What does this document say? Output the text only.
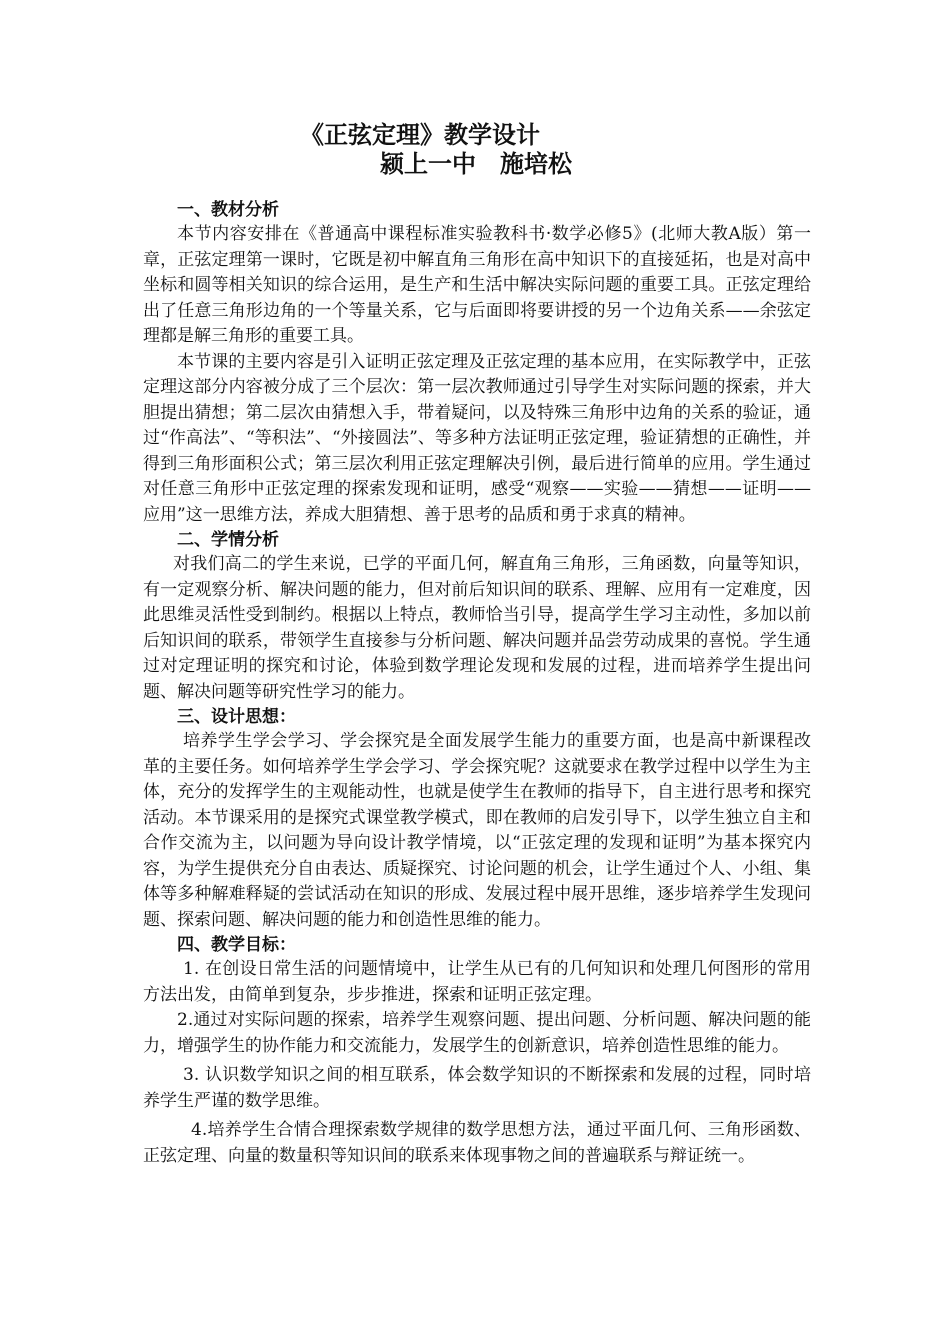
《正弦定理》教学设计
颍上一中　施培松
一、教材分析

本节内容安排在《普通高中课程标准实验教科书·数学必修5》(北师大教A版）第一章，正弦定理第一课时，它既是初中解直角三角形在高中知识下的直接延拓，也是对高中坐标和圆等相关知识的综合运用，是生产和生活中解决实际问题的重要工具。正弦定理给出了任意三角形边角的一个等量关系，它与后面即将要讲授的另一个边角关系——余弦定理都是解三角形的重要工具。

本节课的主要内容是引入证明正弦定理及正弦定理的基本应用，在实际教学中，正弦定理这部分内容被分成了三个层次：第一层次教师通过引导学生对实际问题的探索，并大胆提出猜想；第二层次由猜想入手，带着疑问，以及特殊三角形中边角的关系的验证，通过“作高法”、“等积法”、“外接圆法”、等多种方法证明正弦定理，验证猜想的正确性，并得到三角形面积公式；第三层次利用正弦定理解决引例，最后进行简单的应用。学生通过对任意三角形中正弦定理的探索发现和证明，感受“观察——实验——猜想——证明——应用”这一思维方法，养成大胆猜想、善于思考的品质和勇于求真的精神。

二、学情分析

对我们高二的学生来说，已学的平面几何，解直角三角形，三角函数，向量等知识，有一定观察分析、解决问题的能力，但对前后知识间的联系、理解、应用有一定难度，因此思维灵活性受到制约。根据以上特点，教师恰当引导，提高学生学习主动性，多加以前后知识间的联系，带领学生直接参与分析问题、解决问题并品尝劳动成果的喜悦。学生通过对定理证明的探究和讨论，体验到数学理论发现和发展的过程，进而培养学生提出问题、解决问题等研究性学习的能力。

三、设计思想：

培养学生学会学习、学会探究是全面发展学生能力的重要方面，也是高中新课程改革的主要任务。如何培养学生学会学习、学会探究呢？这就要求在教学过程中以学生为主体，充分的发挥学生的主观能动性，也就是使学生在教师的指导下，自主进行思考和探究活动。本节课采用的是探究式课堂教学模式，即在教师的启发引导下，以学生独立自主和合作交流为主，以问题为导向设计教学情境，以“正弦定理的发现和证明”为基本探究内容，为学生提供充分自由表达、质疑探究、讨论问题的机会，让学生通过个人、小组、集体等多种解难释疑的尝试活动在知识的形成、发展过程中展开思维，逐步培养学生发现问题、探索问题、解决问题的能力和创造性思维的能力。

四、教学目标：

1. 在创设日常生活的问题情境中，让学生从已有的几何知识和处理几何图形的常用方法出发，由简单到复杂，步步推进，探索和证明正弦定理。

2.通过对实际问题的探索，培养学生观察问题、提出问题、分析问题、解决问题的能力，增强学生的协作能力和交流能力，发展学生的创新意识，培养创造性思维的能力。

3. 认识数学知识之间的相互联系，体会数学知识的不断探索和发展的过程，同时培养学生严谨的数学思维。

4.培养学生合情合理探索数学规律的数学思想方法，通过平面几何、三角形函数、正弦定理、向量的数量积等知识间的联系来体现事物之间的普遍联系与辩证统一。
